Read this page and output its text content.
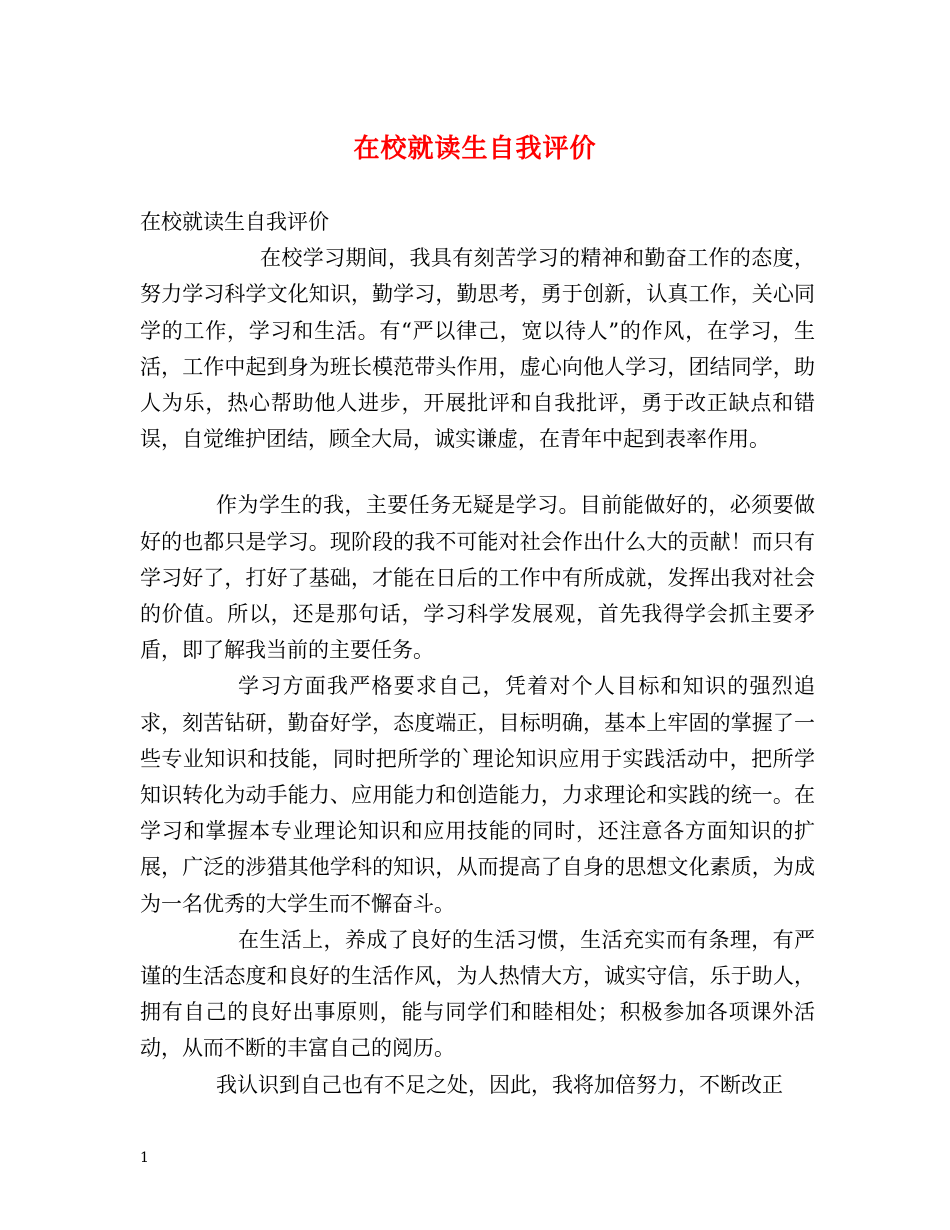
在校就读生自我评价

在校就读生自我评价

在校学习期间，我具有刻苦学习的精神和勤奋工作的态度，努力学习科学文化知识，勤学习，勤思考，勇于创新，认真工作，关心同学的工作，学习和生活。有“严以律己，宽以待人”的作风，在学习，生活，工作中起到身为班长模范带头作用，虚心向他人学习，团结同学，助人为乐，热心帮助他人进步，开展批评和自我批评，勇于改正缺点和错误，自觉维护团结，顾全大局，诚实谦虚，在青年中起到表率作用。

作为学生的我，主要任务无疑是学习。目前能做好的，必须要做好的也都只是学习。现阶段的我不可能对社会作出什么大的贡献！而只有学习好了，打好了基础，才能在日后的工作中有所成就，发挥出我对社会的价值。所以，还是那句话，学习科学发展观，首先我得学会抓主要矛盾，即了解我当前的主要任务。

学习方面我严格要求自己，凭着对个人目标和知识的强烈追求，刻苦钻研，勤奋好学，态度端正，目标明确，基本上牢固的掌握了一些专业知识和技能，同时把所学的`理论知识应用于实践活动中，把所学知识转化为动手能力、应用能力和创造能力，力求理论和实践的统一。在学习和掌握本专业理论知识和应用技能的同时，还注意各方面知识的扩展，广泛的涉猎其他学科的知识，从而提高了自身的思想文化素质，为成为一名优秀的大学生而不懈奋斗。

在生活上，养成了良好的生活习惯，生活充实而有条理，有严谨的生活态度和良好的生活作风，为人热情大方，诚实守信，乐于助人，拥有自己的良好出事原则，能与同学们和睦相处；积极参加各项课外活动，从而不断的丰富自己的阅历。

我认识到自己也有不足之处，因此，我将加倍努力，不断改正

1
